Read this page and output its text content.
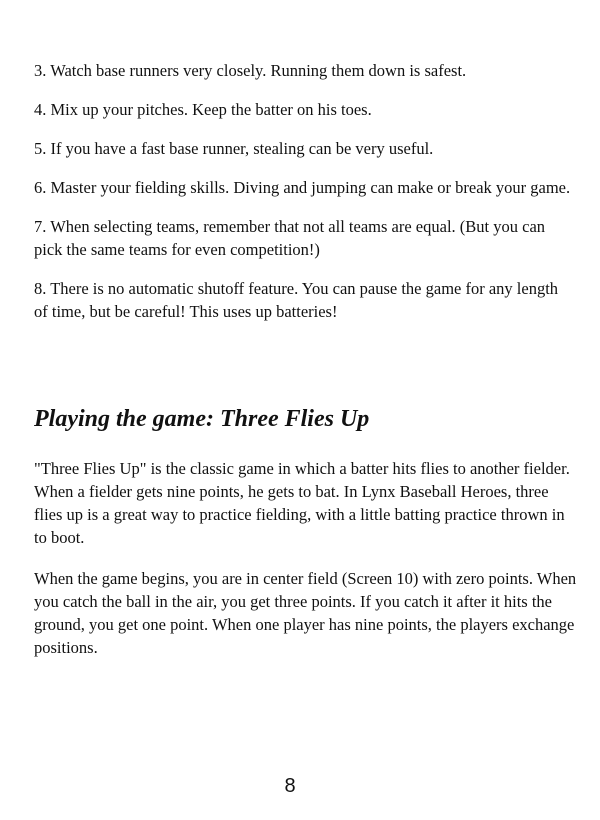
3. Watch base runners very closely. Running them down is safest.

4. Mix up your pitches. Keep the batter on his toes.

5. If you have a fast base runner, stealing can be very useful.

6. Master your fielding skills. Diving and jumping can make or break your game.

7. When selecting teams, remember that not all teams are equal. (But you can pick the same teams for even competition!)

8. There is no automatic shutoff feature. You can pause the game for any length of time, but be careful! This uses up batteries!

Playing the game: Three Flies Up

"Three Flies Up" is the classic game in which a batter hits flies to another fielder. When a fielder gets nine points, he gets to bat. In Lynx Baseball Heroes, three flies up is a great way to practice fielding, with a little batting practice thrown in to boot.

When the game begins, you are in center field (Screen 10) with zero points. When you catch the ball in the air, you get three points. If you catch it after it hits the ground, you get one point. When one player has nine points, the players exchange positions.

8
